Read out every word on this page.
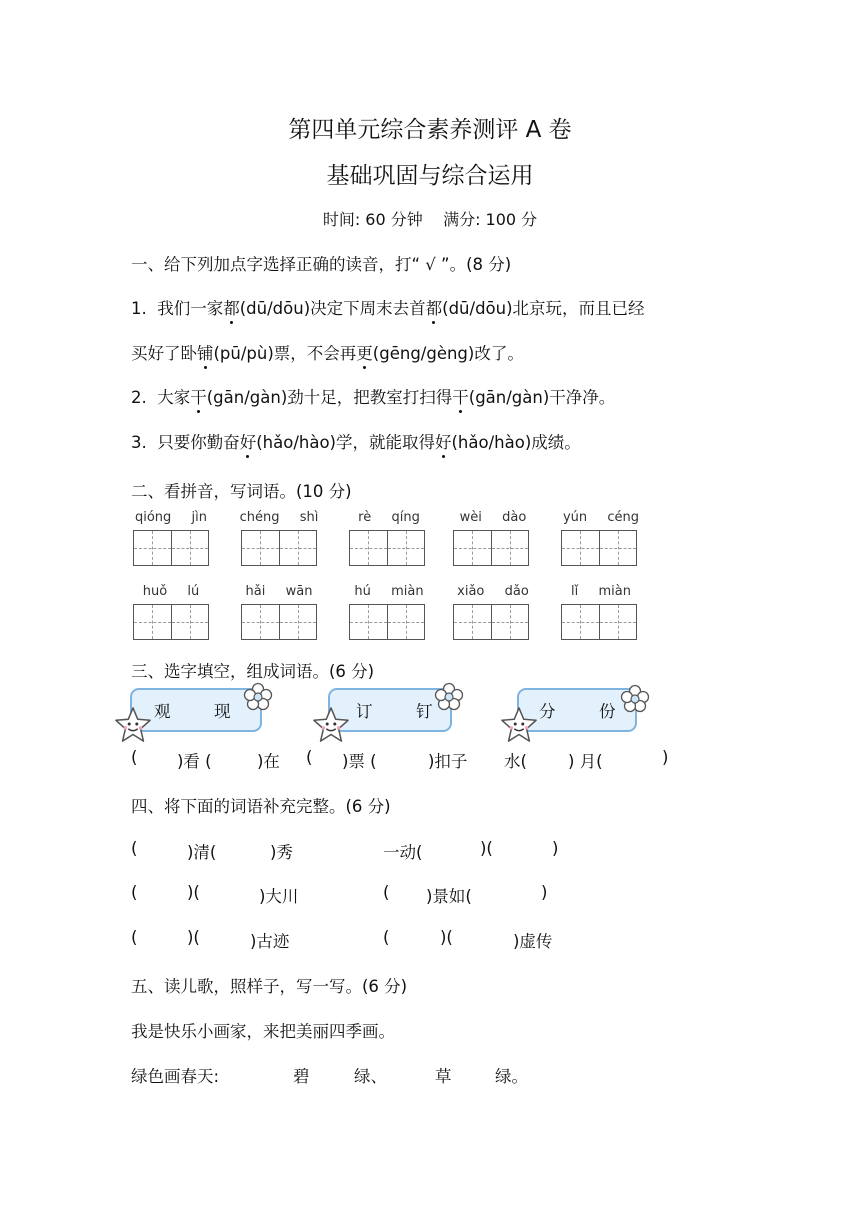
第四单元综合素养测评 A 卷
基础巩固与综合运用
时间: 60 分钟    满分: 100 分
一、给下列加点字选择正确的读音，打“ √ ”。(8 分)
1.  我们一家都(dū/dōu)决定下周末去首都(dū/dōu)北京玩，而且已经
买好了卧铺(pū/pù)票，不会再更(gēng/gèng)改了。
2.  大家干(gān/gàn)劲十足，把教室打扫得干(gān/gàn)干净净。
3.  只要你勤奋好(hǎo/hào)学，就能取得好(hǎo/hào)成绩。
二、看拼音，写词语。(10 分)
qióng  jìn	chéng  shì	rè  qíng	wèi  dào	yún  céng
huǒ  lú	hǎi  wān	hú  miàn	xiǎo  dǎo	lǐ  miàn
三、选字填空，组成词语。(6 分)
观	现	订	钉	分	份
( )看 (	)在 ( )票 (	)扣子 水( ) 月(	)
四、将下面的词语补充完整。(6 分)
(	)清(	)秀	一动(	)(	)
(	)(	)大川	( )景如(	)
(	)(	)古迹	(	)(	)虚传
五、读儿歌，照样子，写一写。(6 分)
我是快乐小画家，来把美丽四季画。
绿色画春天:	碧	绿、	草	绿。
